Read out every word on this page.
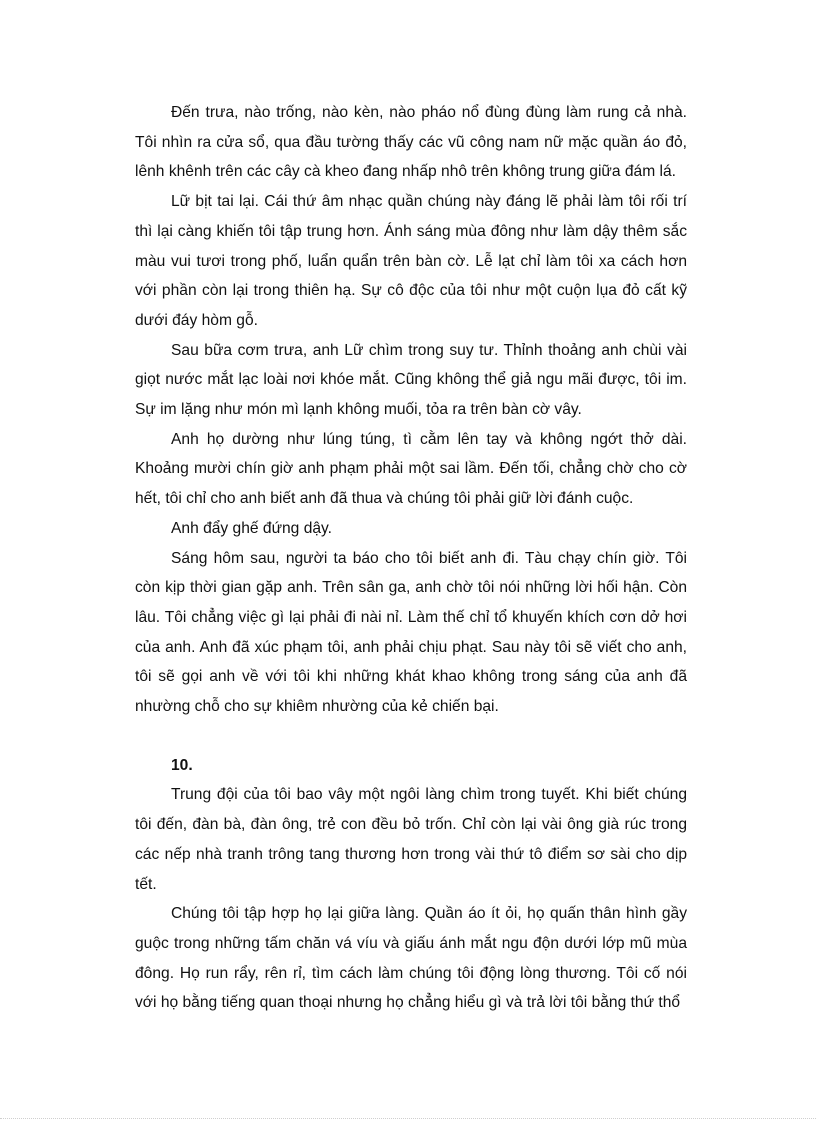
Đến trưa, nào trống, nào kèn, nào pháo nổ đùng đùng làm rung cả nhà. Tôi nhìn ra cửa sổ, qua đầu tường thấy các vũ công nam nữ mặc quần áo đỏ, lênh khênh trên các cây cà kheo đang nhấp nhô trên không trung giữa đám lá.

Lữ bịt tai lại. Cái thứ âm nhạc quần chúng này đáng lẽ phải làm tôi rối trí thì lại càng khiến tôi tập trung hơn. Ánh sáng mùa đông như làm dậy thêm sắc màu vui tươi trong phố, luẩn quẩn trên bàn cờ. Lễ lạt chỉ làm tôi xa cách hơn với phần còn lại trong thiên hạ. Sự cô độc của tôi như một cuộn lụa đỏ cất kỹ dưới đáy hòm gỗ.

Sau bữa cơm trưa, anh Lữ chìm trong suy tư. Thỉnh thoảng anh chùi vài giọt nước mắt lạc loài nơi khóe mắt. Cũng không thể giả ngu mãi được, tôi im. Sự im lặng như món mì lạnh không muối, tỏa ra trên bàn cờ vây.

Anh họ dường như lúng túng, tì cằm lên tay và không ngớt thở dài. Khoảng mười chín giờ anh phạm phải một sai lầm. Đến tối, chẳng chờ cho cờ hết, tôi chỉ cho anh biết anh đã thua và chúng tôi phải giữ lời đánh cuộc.

Anh đẩy ghế đứng dậy.

Sáng hôm sau, người ta báo cho tôi biết anh đi. Tàu chạy chín giờ. Tôi còn kịp thời gian gặp anh. Trên sân ga, anh chờ tôi nói những lời hối hận. Còn lâu. Tôi chẳng việc gì lại phải đi nài nỉ. Làm thế chỉ tổ khuyến khích cơn dở hơi của anh. Anh đã xúc phạm tôi, anh phải chịu phạt. Sau này tôi sẽ viết cho anh, tôi sẽ gọi anh về với tôi khi những khát khao không trong sáng của anh đã nhường chỗ cho sự khiêm nhường của kẻ chiến bại.

10.

Trung đội của tôi bao vây một ngôi làng chìm trong tuyết. Khi biết chúng tôi đến, đàn bà, đàn ông, trẻ con đều bỏ trốn. Chỉ còn lại vài ông già rúc trong các nếp nhà tranh trông tang thương hơn trong vài thứ tô điểm sơ sài cho dịp tết.

Chúng tôi tập hợp họ lại giữa làng. Quần áo ít ỏi, họ quấn thân hình gầy guộc trong những tấm chăn vá víu và giấu ánh mắt ngu độn dưới lớp mũ mùa đông. Họ run rẩy, rên rỉ, tìm cách làm chúng tôi động lòng thương. Tôi cố nói với họ bằng tiếng quan thoại nhưng họ chẳng hiểu gì và trả lời tôi bằng thứ thổ
